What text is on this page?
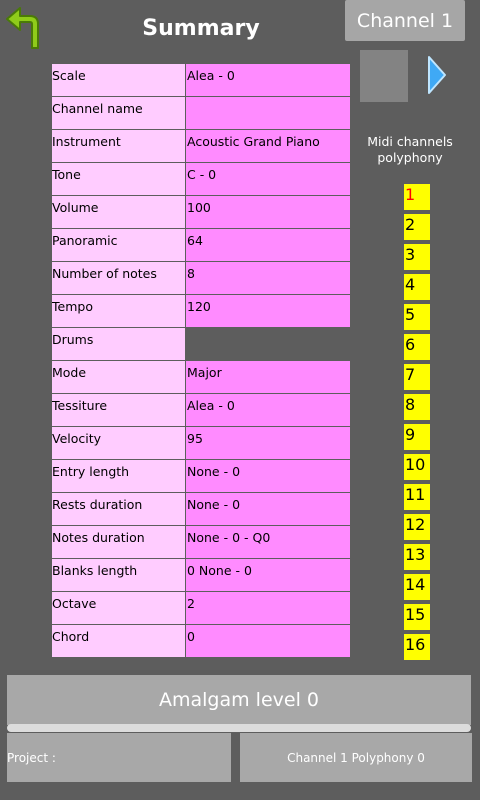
Summary	Channel 1
Scale	Alea - 0
Channel name
Instrument	Acoustic Grand Piano
Tone	C - 0
Volume	100
Panoramic	64
Number of notes	8
Tempo	120
Drums
Mode	Major
Tessiture	Alea - 0
Velocity	95
Entry length	None - 0
Rests duration	None - 0
Notes duration	None - 0 - Q0
Blanks length	0 None - 0
Octave	2
Chord	0
Midi channels
polyphony
1
2
3
4
5
6
7
8
9
10
11
12
13
14
15
16
Amalgam level 0
Project :	Channel 1 Polyphony 0
